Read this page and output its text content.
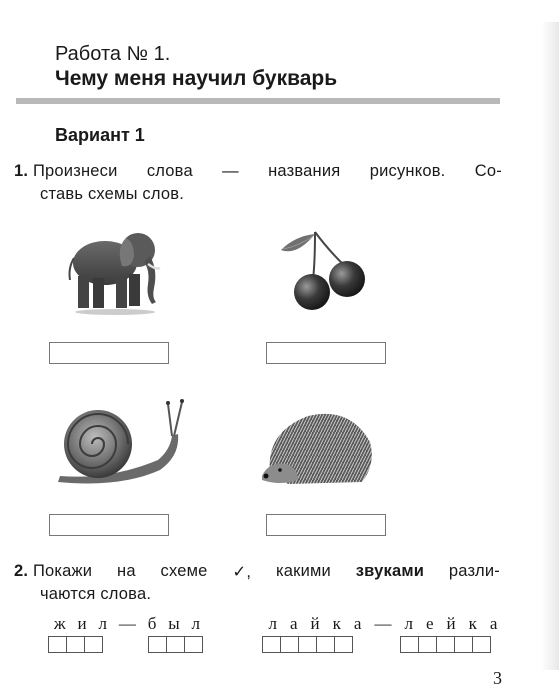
Работа № 1.
Чему меня научил букварь
Вариант 1
1. Произнеси слова — названия рисунков. Со-
ставь схемы слов.
2. Покажи на схеме ✓, какими звуками разли-
чаются слова.
ж и л — б ы л	л а й к а — л е й к а
3
